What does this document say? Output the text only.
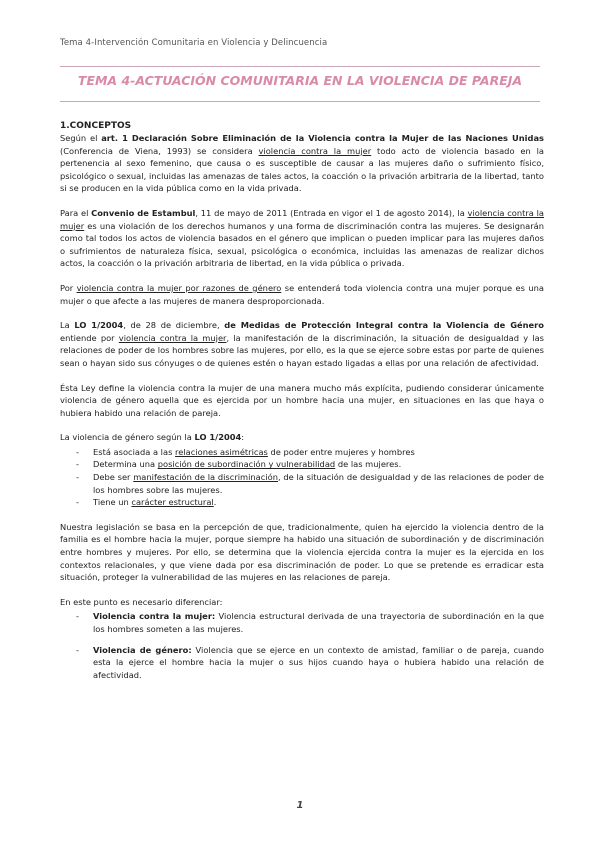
Tema 4-Intervención Comunitaria en Violencia y Delincuencia
TEMA 4-ACTUACIÓN COMUNITARIA EN LA VIOLENCIA DE PAREJA
1.CONCEPTOS

Según el art. 1 Declaración Sobre Eliminación de la Violencia contra la Mujer de las Naciones Unidas (Conferencia de Viena, 1993) se considera violencia contra la mujer todo acto de violencia basado en la pertenencia al sexo femenino, que causa o es susceptible de causar a las mujeres daño o sufrimiento físico, psicológico o sexual, incluidas las amenazas de tales actos, la coacción o la privación arbitraria de la libertad, tanto si se producen en la vida pública como en la vida privada.

Para el Convenio de Estambul, 11 de mayo de 2011 (Entrada en vigor el 1 de agosto 2014), la violencia contra la mujer es una violación de los derechos humanos y una forma de discriminación contra las mujeres. Se designarán como tal todos los actos de violencia basados en el género que implican o pueden implicar para las mujeres daños o sufrimientos de naturaleza física, sexual, psicológica o económica, incluidas las amenazas de realizar dichos actos, la coacción o la privación arbitraria de libertad, en la vida pública o privada.

Por violencia contra la mujer por razones de género se entenderá toda violencia contra una mujer porque es una mujer o que afecte a las mujeres de manera desproporcionada.

La LO 1/2004, de 28 de diciembre, de Medidas de Protección Integral contra la Violencia de Género entiende por violencia contra la mujer, la manifestación de la discriminación, la situación de desigualdad y las relaciones de poder de los hombres sobre las mujeres, por ello, es la que se ejerce sobre estas por parte de quienes sean o hayan sido sus cónyuges o de quienes estén o hayan estado ligadas a ellas por una relación de afectividad.

Ésta Ley define la violencia contra la mujer de una manera mucho más explícita, pudiendo considerar únicamente violencia de género aquella que es ejercida por un hombre hacia una mujer, en situaciones en las que haya o hubiera habido una relación de pareja.

La violencia de género según la LO 1/2004:

- Está asociada a las relaciones asimétricas de poder entre mujeres y hombres
- Determina una posición de subordinación y vulnerabilidad de las mujeres.
- Debe ser manifestación de la discriminación, de la situación de desigualdad y de las relaciones de poder de los hombres sobre las mujeres.
- Tiene un carácter estructural.

Nuestra legislación se basa en la percepción de que, tradicionalmente, quien ha ejercido la violencia dentro de la familia es el hombre hacia la mujer, porque siempre ha habido una situación de subordinación y de discriminación entre hombres y mujeres. Por ello, se determina que la violencia ejercida contra la mujer es la ejercida en los contextos relacionales, y que viene dada por esa discriminación de poder. Lo que se pretende es erradicar esta situación, proteger la vulnerabilidad de las mujeres en las relaciones de pareja.

En este punto es necesario diferenciar:

- Violencia contra la mujer: Violencia estructural derivada de una trayectoria de subordinación en la que los hombres someten a las mujeres.
- Violencia de género: Violencia que se ejerce en un contexto de amistad, familiar o de pareja, cuando esta la ejerce el hombre hacia la mujer o sus hijos cuando haya o hubiera habido una relación de afectividad.
1
